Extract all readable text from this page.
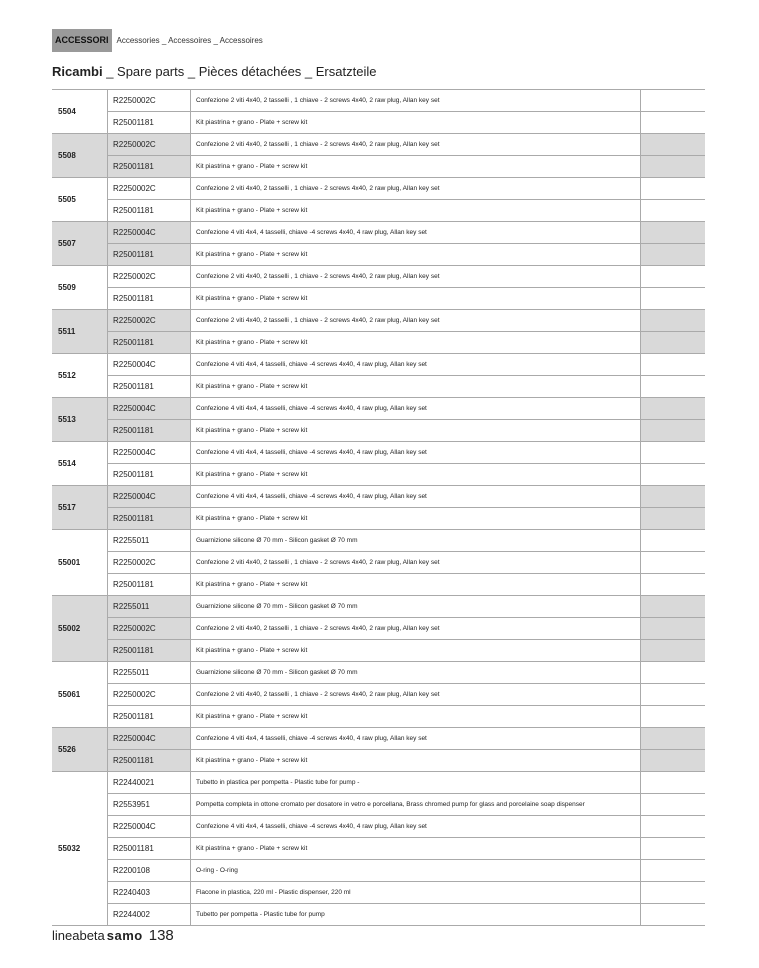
ACCESSORI	Accessories _ Accessoires _ Accessoires
Ricambi _ Spare parts _ Pièces détachées _ Ersatzteile
5504
R2250002C	Confezione 2 viti 4x40, 2 tasselli , 1 chiave - 2 screws 4x40, 2 raw plug, Allan key set
R25001181	Kit piastrina + grano - Plate + screw kit
5508
R2250002C	Confezione 2 viti 4x40, 2 tasselli , 1 chiave - 2 screws 4x40, 2 raw plug, Allan key set
R25001181	Kit piastrina + grano - Plate + screw kit
5505
R2250002C	Confezione 2 viti 4x40, 2 tasselli , 1 chiave - 2 screws 4x40, 2 raw plug, Allan key set
R25001181	Kit piastrina + grano - Plate + screw kit
5507
R2250004C	Confezione 4 viti 4x4, 4 tasselli, chiave -4 screws 4x40, 4 raw plug, Allan key set
R25001181	Kit piastrina + grano - Plate + screw kit
5509
R2250002C	Confezione 2 viti 4x40, 2 tasselli , 1 chiave - 2 screws 4x40, 2 raw plug, Allan key set
R25001181	Kit piastrina + grano - Plate + screw kit
5511
R2250002C	Confezione 2 viti 4x40, 2 tasselli , 1 chiave - 2 screws 4x40, 2 raw plug, Allan key set
R25001181	Kit piastrina + grano - Plate + screw kit
5512
R2250004C	Confezione 4 viti 4x4, 4 tasselli, chiave -4 screws 4x40, 4 raw plug, Allan key set
R25001181	Kit piastrina + grano - Plate + screw kit
5513
R2250004C	Confezione 4 viti 4x4, 4 tasselli, chiave -4 screws 4x40, 4 raw plug, Allan key set
R25001181	Kit piastrina + grano - Plate + screw kit
5514
R2250004C	Confezione 4 viti 4x4, 4 tasselli, chiave -4 screws 4x40, 4 raw plug, Allan key set
R25001181	Kit piastrina + grano - Plate + screw kit
5517
R2250004C	Confezione 4 viti 4x4, 4 tasselli, chiave -4 screws 4x40, 4 raw plug, Allan key set
R25001181	Kit piastrina + grano - Plate + screw kit
55001
R2255011	Guarnizione silicone Ø 70 mm - Silicon gasket Ø 70 mm
R2250002C	Confezione 2 viti 4x40, 2 tasselli , 1 chiave - 2 screws 4x40, 2 raw plug, Allan key set
R25001181	Kit piastrina + grano - Plate + screw kit
55002
R2255011	Guarnizione silicone Ø 70 mm - Silicon gasket Ø 70 mm
R2250002C	Confezione 2 viti 4x40, 2 tasselli , 1 chiave - 2 screws 4x40, 2 raw plug, Allan key set
R25001181	Kit piastrina + grano - Plate + screw kit
55061
R2255011	Guarnizione silicone Ø 70 mm - Silicon gasket Ø 70 mm
R2250002C	Confezione 2 viti 4x40, 2 tasselli , 1 chiave - 2 screws 4x40, 2 raw plug, Allan key set
R25001181	Kit piastrina + grano - Plate + screw kit
5526
R2250004C	Confezione 4 viti 4x4, 4 tasselli, chiave -4 screws 4x40, 4 raw plug, Allan key set
R25001181	Kit piastrina + grano - Plate + screw kit
55032
R22440021	Tubetto in plastica per pompetta - Plastic tube for pump -
R2553951	Pompetta completa in ottone cromato per dosatore in vetro e porcellana, Brass chromed pump for glass and porcelaine soap dispenser
R2250004C	Confezione 4 viti 4x4, 4 tasselli, chiave -4 screws 4x40, 4 raw plug, Allan key set
R25001181	Kit piastrina + grano - Plate + screw kit
R2200108	O-ring - O-ring
R2240403	Flacone in plastica, 220 ml - Plastic dispenser, 220 ml
R2244002	Tubetto per pompetta - Plastic tube for pump
lineabeta samo 138
